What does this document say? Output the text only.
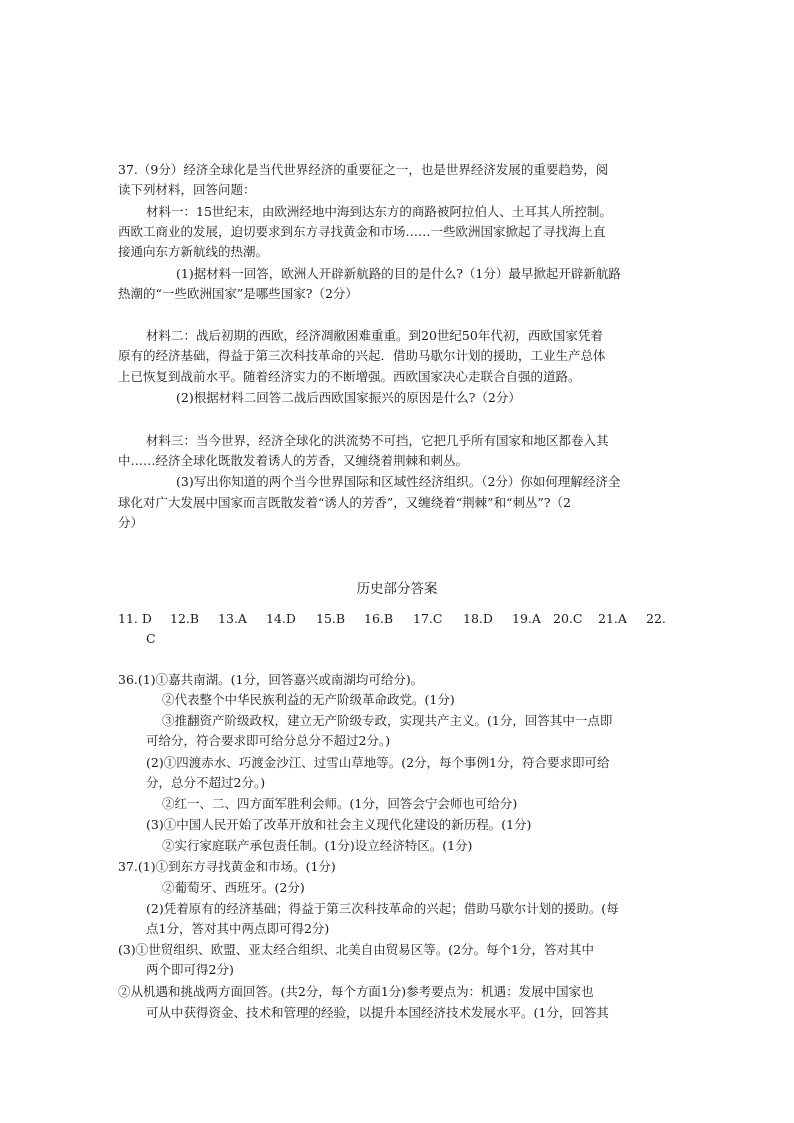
37.（9分）经济全球化是当代世界经济的重要征之一，也是世界经济发展的重要趋势，阅
读下列材料，回答问题：
材料一：15世纪末，由欧洲经地中海到达东方的商路被阿拉伯人、土耳其人所控制。
西欧工商业的发展，迫切要求到东方寻找黄金和市场……一些欧洲国家掀起了寻找海上直
接通向东方新航线的热潮。
(1)据材料一回答，欧洲人开辟新航路的目的是什么?（1分）最早掀起开辟新航路
热潮的“一些欧洲国家”是哪些国家?（2分）
材料二：战后初期的西欧，经济凋敝困难重重。到20世纪50年代初，西欧国家凭着
原有的经济基础，得益于第三次科技革命的兴起．借助马歇尔计划的援助，工业生产总体
上已恢复到战前水平。随着经济实力的不断增强。西欧国家决心走联合自强的道路。
(2)根据材料二回答二战后西欧国家振兴的原因是什么?（2分）
材料三：当今世界，经济全球化的洪流势不可挡，它把几乎所有国家和地区都卷入其
中……经济全球化既散发着诱人的芳香，又缠绕着荆棘和刺丛。
(3)写出你知道的两个当今世界国际和区域性经济组织。（2分）你如何理解经济全
球化对广大发展中国家而言既散发着“诱人的芳香”，又缠绕着“荆棘”和“刺丛”?（2
分）
历史部分答案
11. D 12.B 13.A 14.D 15.B 16.B 17.C 18.D 19.A 20.C 21.A 22.
C
36.(1)①嘉共南湖。(1分，回答嘉兴或南湖均可给分)。
②代表整个中华民族利益的无产阶级革命政党。(1分)
③推翻资产阶级政权，建立无产阶级专政，实现共产主义。(1分，回答其中一点即
可给分，符合要求即可给分总分不超过2分。)
(2)①四渡赤水、巧渡金沙江、过雪山草地等。(2分，每个事例1分，符合要求即可给
分，总分不超过2分。)
②红一、二、四方面军胜利会师。(1分，回答会宁会师也可给分)
(3)①中国人民开始了改革开放和社会主义现代化建设的新历程。(1分)
②实行家庭联产承包责任制。(1分)设立经济特区。(1分)
37.(1)①到东方寻找黄金和市场。(1分)
②葡萄牙、西班牙。(2分)
(2)凭着原有的经济基础；得益于第三次科技革命的兴起；借助马歇尔计划的援助。(每
点1分，答对其中两点即可得2分)
(3)①世贸组织、欧盟、亚太经合组织、北美自由贸易区等。(2分。每个1分，答对其中
两个即可得2分)
②从机遇和挑战两方面回答。(共2分，每个方面1分)参考要点为：机遇：发展中国家也
可从中获得资金、技术和管理的经验，以提升本国经济技术发展水平。(1分，回答其
